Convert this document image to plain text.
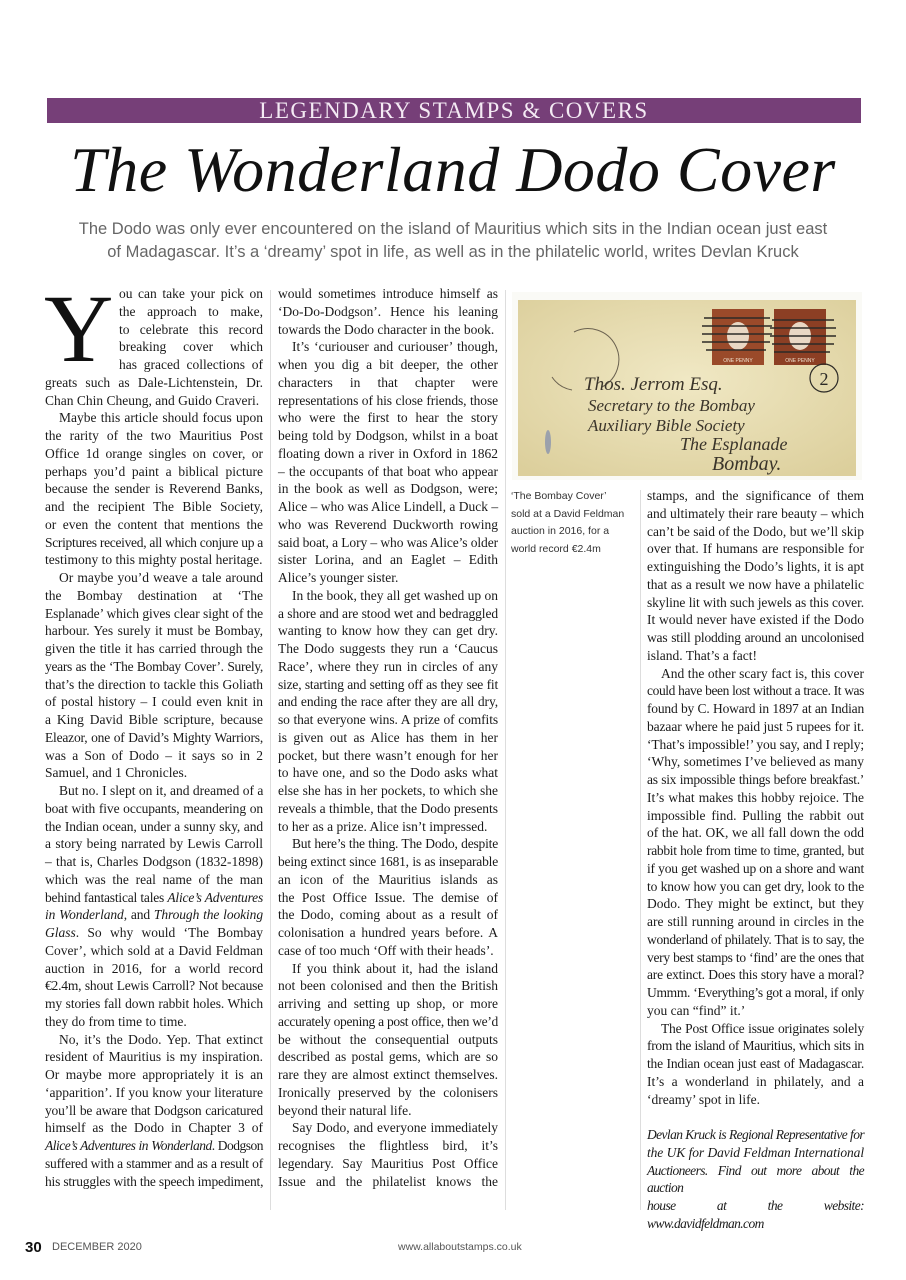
LEGENDARY STAMPS & COVERS
The Wonderland Dodo Cover
The Dodo was only ever encountered on the island of Mauritius which sits in the Indian ocean just east
of Madagascar. It’s a ‘dreamy’ spot in life, as well as in the philatelic world, writes Devlan Kruck
Y ou can take your pick on
the approach to make,
to celebrate this record
breaking cover which
has graced collections of
greats such as Dale-Lichtenstein, Dr.
Chan Chin Cheung, and Guido Craveri.
Maybe this article should focus upon
the rarity of the two Mauritius Post
Office 1d orange singles on cover, or
perhaps you’d paint a biblical picture
because the sender is Reverend Banks,
and the recipient The Bible Society,
or even the content that mentions the
Scriptures received, all which conjure up a
testimony to this mighty postal heritage.
Or maybe you’d weave a tale around
the Bombay destination at ‘The
Esplanade’ which gives clear sight of the
harbour. Yes surely it must be Bombay,
given the title it has carried through the
years as the ‘The Bombay Cover’. Surely,
that’s the direction to tackle this Goliath
of postal history – I could even knit in
a King David Bible scripture, because
Eleazor, one of David’s Mighty Warriors,
was a Son of Dodo – it says so in 2
Samuel, and 1 Chronicles.
But no. I slept on it, and dreamed of a
boat with five occupants, meandering on
the Indian ocean, under a sunny sky, and
a story being narrated by Lewis Carroll
– that is, Charles Dodgson (1832-1898)
which was the real name of the man
behind fantastical tales Alice’s Adventures
in Wonderland, and Through the looking
Glass. So why would ‘The Bombay
Cover’, which sold at a David Feldman
auction in 2016, for a world record
€2.4m, shout Lewis Carroll? Not because
my stories fall down rabbit holes. Which
they do from time to time.
No, it’s the Dodo. Yep. That extinct
resident of Mauritius is my inspiration.
Or maybe more appropriately it is an
‘apparition’. If you know your literature
you’ll be aware that Dodgson caricatured
himself as the Dodo in Chapter 3 of
Alice’s Adventures in Wonderland. Dodgson
suffered with a stammer and as a result of
his struggles with the speech impediment,
would sometimes introduce himself as
‘Do-Do-Dodgson’. Hence his leaning
towards the Dodo character in the book.
It’s ‘curiouser and curiouser’ though,
when you dig a bit deeper, the other
characters in that chapter were
representations of his close friends, those
who were the first to hear the story
being told by Dodgson, whilst in a boat
floating down a river in Oxford in 1862
– the occupants of that boat who appear
in the book as well as Dodgson, were;
Alice – who was Alice Lindell, a Duck –
who was Reverend Duckworth rowing
said boat, a Lory – who was Alice’s older
sister Lorina, and an Eaglet – Edith
Alice’s younger sister.
In the book, they all get washed up on
a shore and are stood wet and bedraggled
wanting to know how they can get dry.
The Dodo suggests they run a ‘Caucus
Race’, where they run in circles of any
size, starting and setting off as they see fit
and ending the race after they are all dry,
so that everyone wins. A prize of comfits
is given out as Alice has them in her
pocket, but there wasn’t enough for her
to have one, and so the Dodo asks what
else she has in her pockets, to which she
reveals a thimble, that the Dodo presents
to her as a prize. Alice isn’t impressed.
But here’s the thing. The Dodo, despite
being extinct since 1681, is as inseparable
an icon of the Mauritius islands as
the Post Office Issue. The demise of
the Dodo, coming about as a result of
colonisation a hundred years before. A
case of too much ‘Off with their heads’.
If you think about it, had the island
not been colonised and then the British
arriving and setting up shop, or more
accurately opening a post office, then we’d
be without the consequential outputs
described as postal gems, which are so
rare they are almost extinct themselves.
Ironically preserved by the colonisers
beyond their natural life.
Say Dodo, and everyone immediately
recognises the flightless bird, it’s
legendary. Say Mauritius Post Office
Issue and the philatelist knows the
stamps, and the significance of them
and ultimately their rare beauty – which
can’t be said of the Dodo, but we’ll skip
over that. If humans are responsible for
extinguishing the Dodo’s lights, it is apt
that as a result we now have a philatelic
skyline lit with such jewels as this cover.
It would never have existed if the Dodo
was still plodding around an uncolonised
island. That’s a fact!
And the other scary fact is, this cover
could have been lost without a trace. It was
found by C. Howard in 1897 at an Indian
bazaar where he paid just 5 rupees for it.
‘That’s impossible!’ you say, and I reply;
‘Why, sometimes I’ve believed as many
as six impossible things before breakfast.’
It’s what makes this hobby rejoice. The
impossible find. Pulling the rabbit out
of the hat. OK, we all fall down the odd
rabbit hole from time to time, granted, but
if you get washed up on a shore and want
to know how you can get dry, look to the
Dodo. They might be extinct, but they
are still running around in circles in the
wonderland of philately. That is to say, the
very best stamps to ‘find’ are the ones that
are extinct. Does this story have a moral?
Ummm. ‘Everything’s got a moral, if only
you can “find” it.’
The Post Office issue originates solely
from the island of Mauritius, which sits in
the Indian ocean just east of Madagascar.
It’s a wonderland in philately, and a
‘dreamy’ spot in life.
Devlan Kruck is Regional Representative for
the UK for David Feldman International
Auctioneers. Find out more about the auction
house at the website: www.davidfeldman.com
ONE PENNY	ONE PENNY
2
Thos. Jerrom Esq.
Secretary to the Bombay
Auxiliary Bible Society
The Esplanade
Bombay.
‘The Bombay Cover’
sold at a David Feldman
auction in 2016, for a
world record €2.4m
30 DECEMBER 2020	www.allaboutstamps.co.uk
